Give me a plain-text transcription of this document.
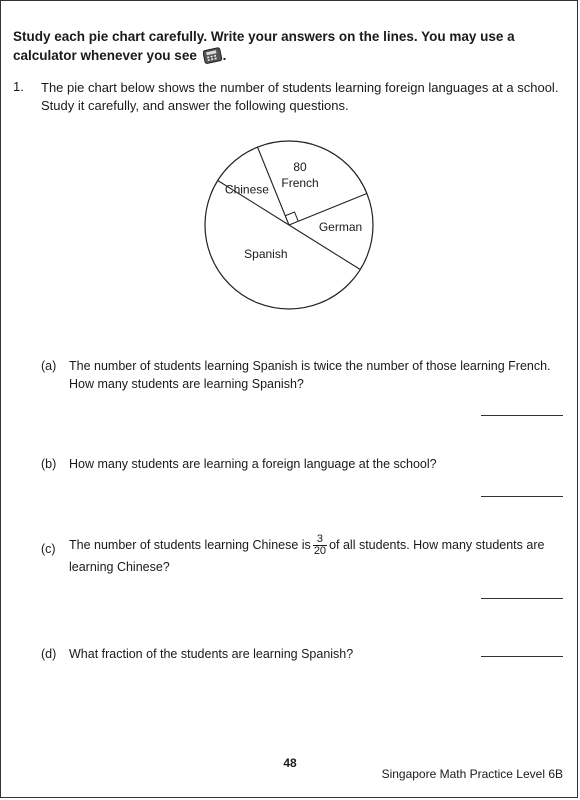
Study each pie chart carefully. Write your answers on the lines. You may use a calculator whenever you see .
1. The pie chart below shows the number of students learning foreign languages at a school. Study it carefully, and answer the following questions.
80
French
German
Spanish
Chinese
(a) The number of students learning Spanish is twice the number of those learning French. How many students are learning Spanish?
(b) How many students are learning a foreign language at the school?
(c) The number of students learning Chinese is $\frac{3}{20}$ of all students. How many students are learning Chinese?
(d) What fraction of the students are learning Spanish?
48
Singapore Math Practice Level 6B
